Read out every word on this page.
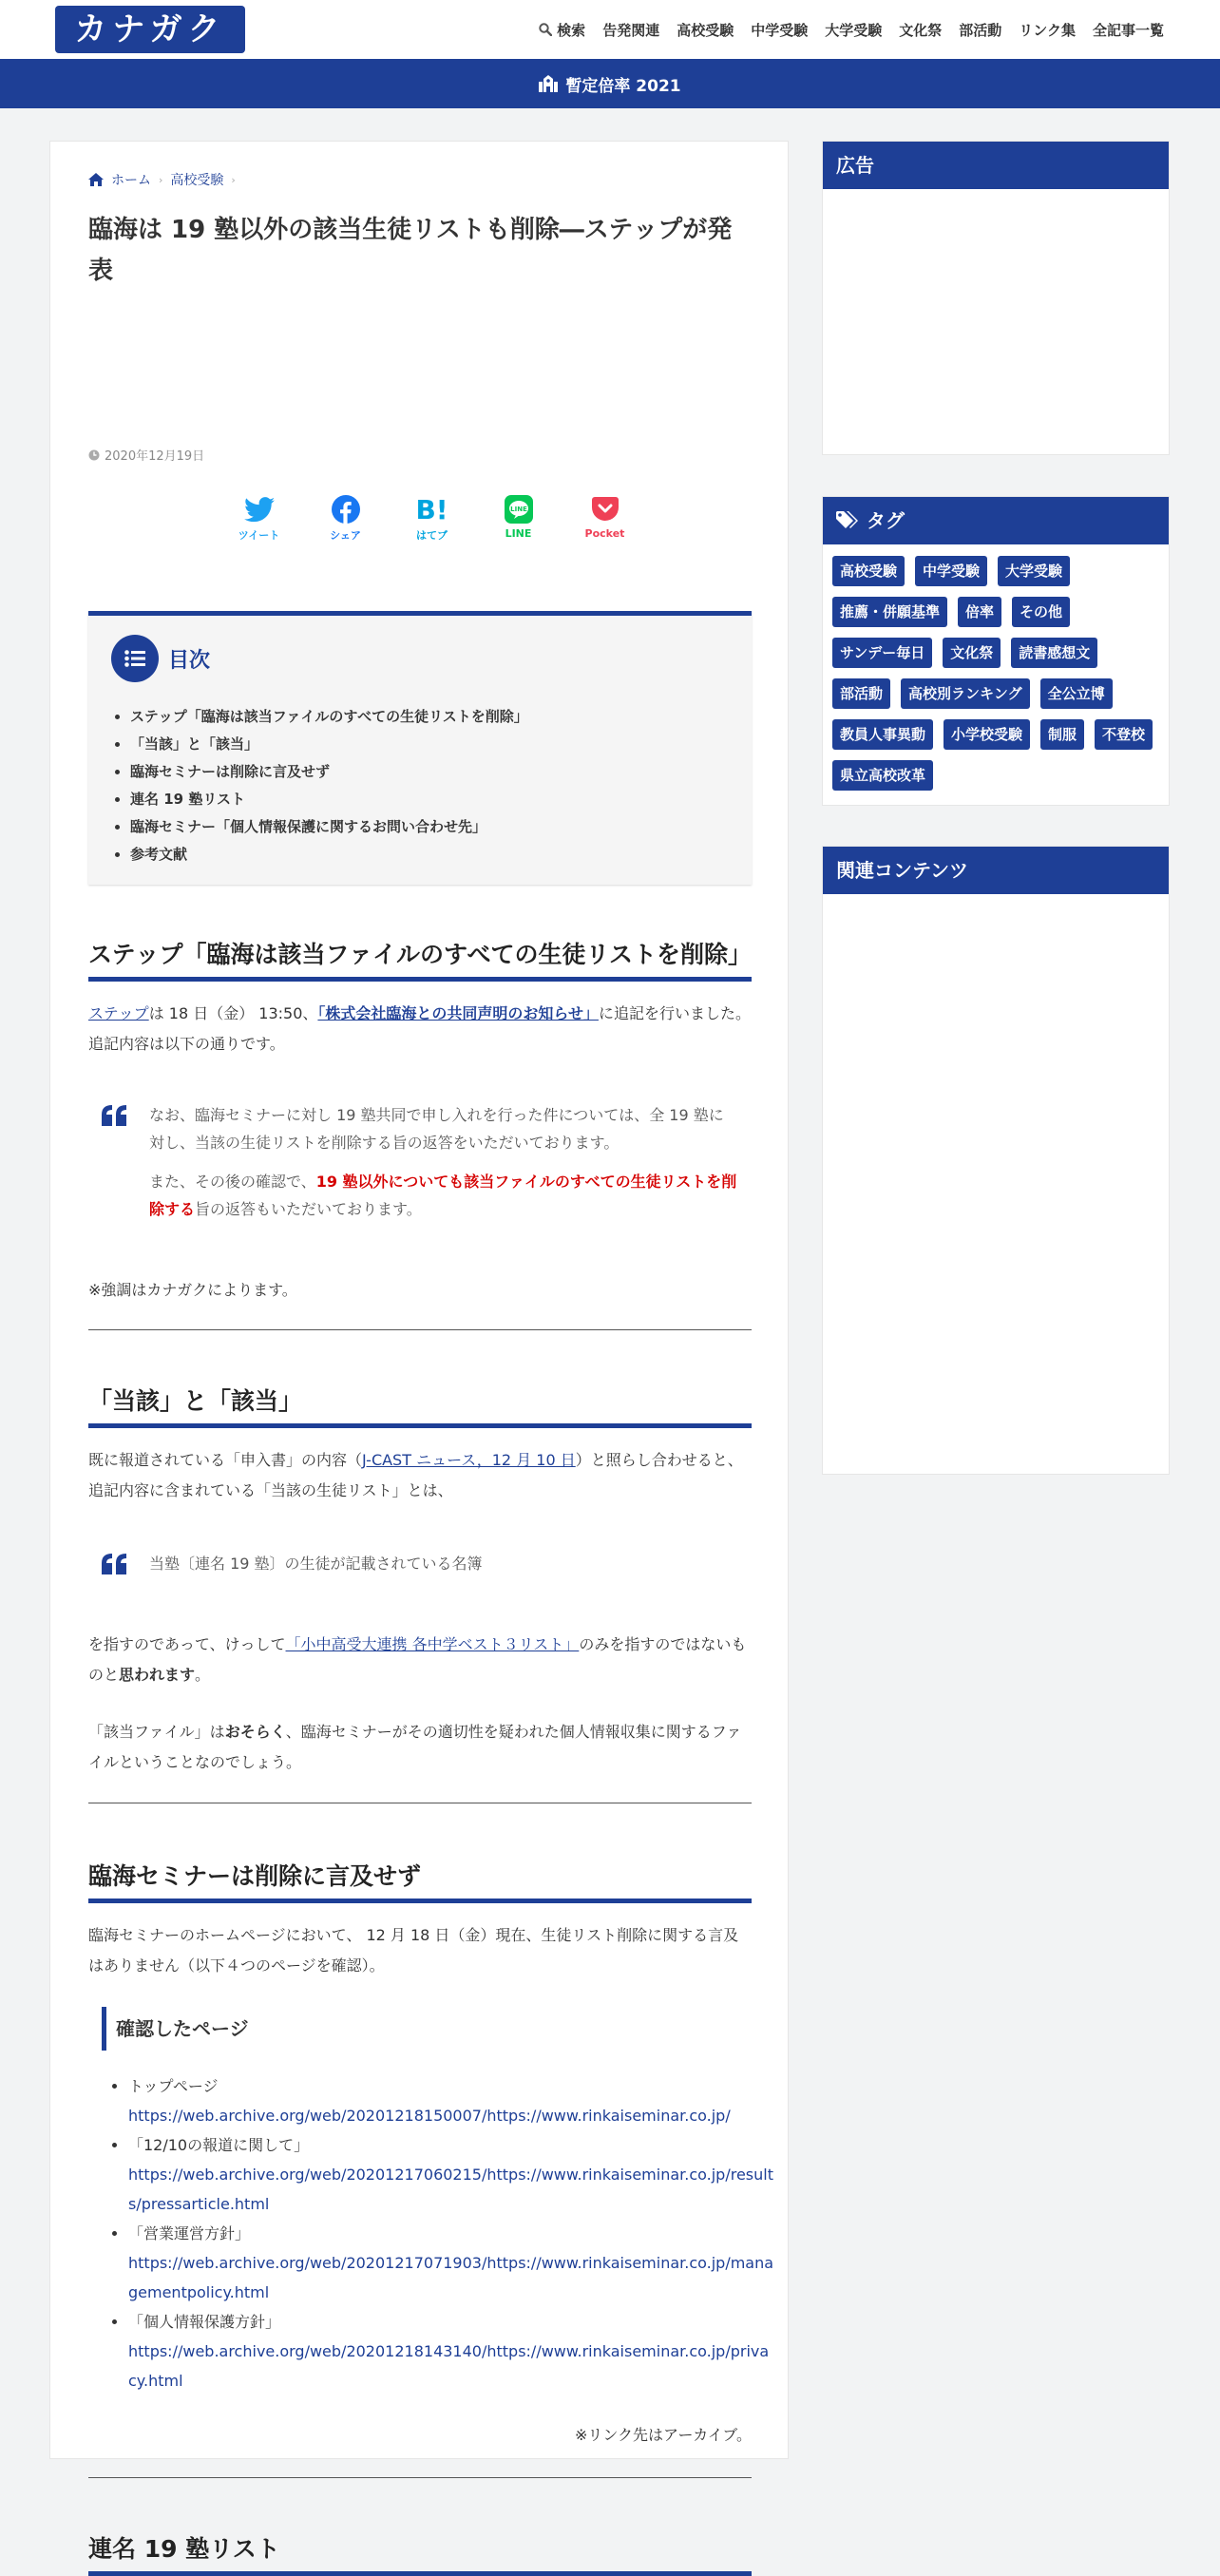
カナガク	検索	告発関連	高校受験	中学受験	大学受験	文化祭	部活動	リンク集	全記事一覧
暫定倍率 2021
ホーム › 高校受験 ›
臨海は 19 塾以外の該当生徒リストも削除―ステップが発表
2020年12月19日
ツイート	シェア
B!
はてブ
LINE
LINE	Pocket
目次
• ステップ「臨海は該当ファイルのすべての生徒リストを削除」
• 「当該」と「該当」
• 臨海セミナーは削除に言及せず
• 連名 19 塾リスト
• 臨海セミナー「個人情報保護に関するお問い合わせ先」
• 参考文献
ステップ「臨海は該当ファイルのすべての生徒リストを削除」

ステップは 18 日（金） 13:50、「株式会社臨海との共同声明のお知らせ」に追記を行いました。追記内容は以下の通りです。

なお、臨海セミナーに対し 19 塾共同で申し入れを行った件については、全 19 塾に対し、当該の生徒リストを削除する旨の返答をいただいております。

また、その後の確認で、19 塾以外についても該当ファイルのすべての生徒リストを削除する旨の返答もいただいております。

※強調はカナガクによります。

「当該」と「該当」

既に報道されている「申入書」の内容（J-CAST ニュース，12 月 10 日）と照らし合わせると、追記内容に含まれている「当該の生徒リスト」とは、

当塾〔連名 19 塾〕の生徒が記載されている名簿

を指すのであって、けっして「小中高受大連携 各中学ベスト３リスト」のみを指すのではないものと思われます。

「該当ファイル」はおそらく、臨海セミナーがその適切性を疑われた個人情報収集に関するファイルということなのでしょう。

臨海セミナーは削除に言及せず

臨海セミナーのホームページにおいて、 12 月 18 日（金）現在、生徒リスト削除に関する言及はありません（以下４つのページを確認）。

確認したページ
• トップページ
https://web.archive.org/web/20201218150007/https://www.rinkaiseminar.co.jp/
• 「12/10の報道に関して」
https://web.archive.org/web/20201217060215/https://www.rinkaiseminar.co.jp/results/pressarticle.html
• 「営業運営方針」
https://web.archive.org/web/20201217071903/https://www.rinkaiseminar.co.jp/managementpolicy.html
• 「個人情報保護方針」
https://web.archive.org/web/20201218143140/https://www.rinkaiseminar.co.jp/privacy.html

※リンク先はアーカイブ。

連名 19 塾リスト
広告
タグ
高校受験	中学受験	大学受験
推薦・併願基準	倍率	その他
サンデー毎日	文化祭	読書感想文
部活動	高校別ランキング	全公立博
教員人事異動	小学校受験	制服	不登校
県立高校改革
関連コンテンツ
